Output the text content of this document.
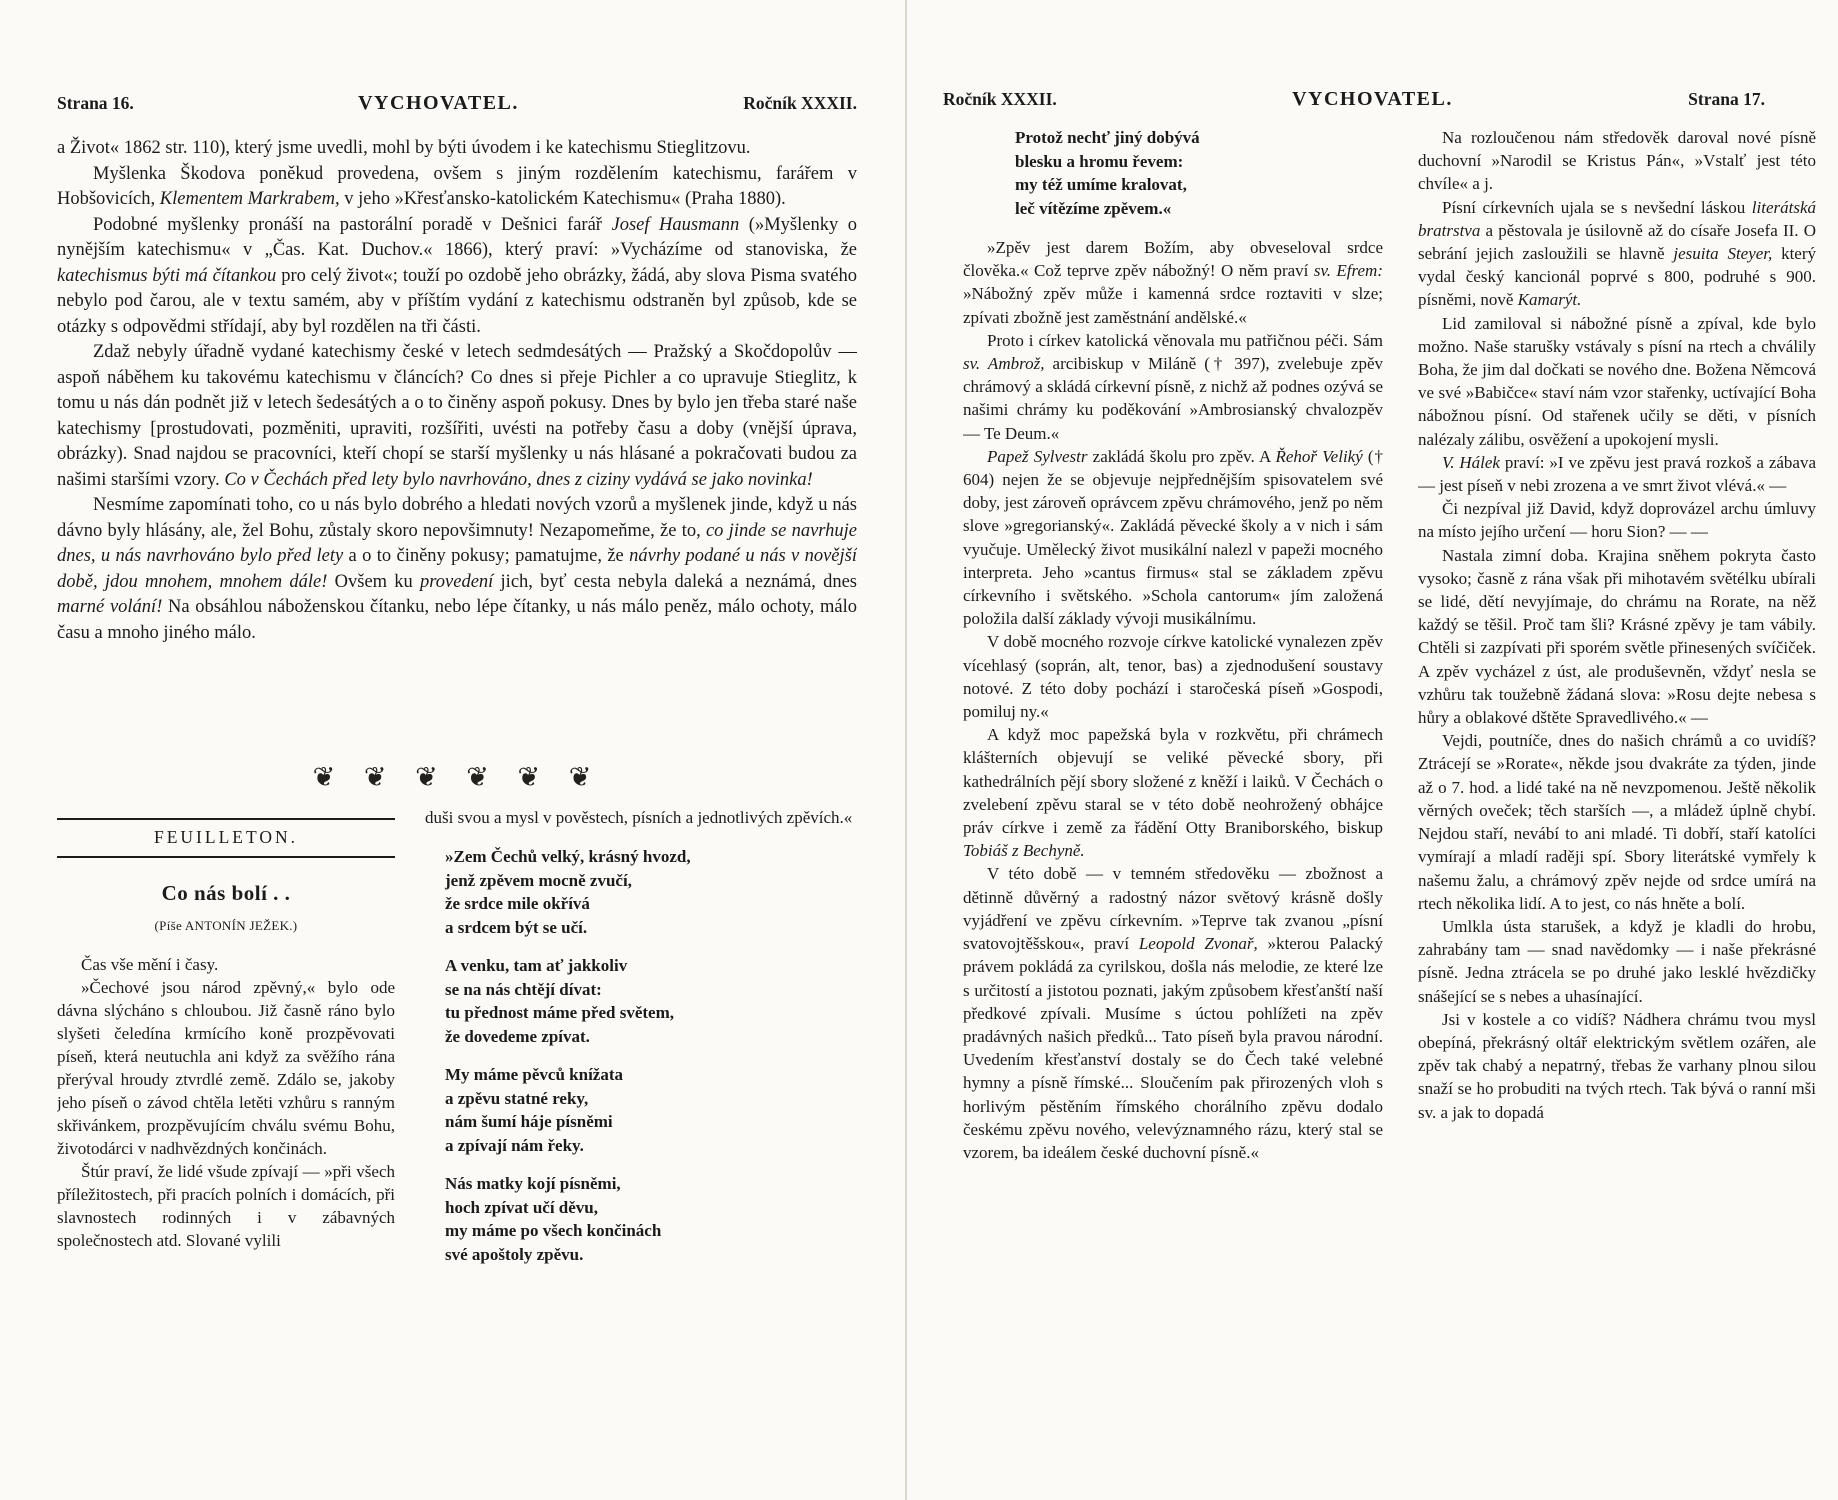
Strana 16.	VYCHOVATEL.	Ročník XXXII.

a Život« 1862 str. 110), který jsme uvedli, mohl by býti úvodem i ke katechismu Stieglitzovu.

Myšlenka Škodova poněkud provedena, ovšem s jiným rozdělením katechismu, farářem v Hobšovicích, Klementem Markrabem, v jeho »Křesťansko-katolickém Katechismu« (Praha 1880).

Podobné myšlenky pronáší na pastorální poradě v Dešnici farář Josef Hausmann (»Myšlenky o nynějším katechismu« v „Čas. Kat. Duchov.« 1866), který praví: »Vycházíme od stanoviska, že katechismus býti má čítankou pro celý život«; touží po ozdobě jeho obrázky, žádá, aby slova Pisma svatého nebylo pod čarou, ale v textu samém, aby v příštím vydání z katechismu odstraněn byl způsob, kde se otázky s odpovědmi střídají, aby byl rozdělen na tři části.

Zdaž nebyly úřadně vydané katechismy české v letech sedmdesátých — Pražský a Skočdopolův — aspoň náběhem ku takovému katechismu v článcích? Co dnes si přeje Pichler a co upravuje Stieglitz, k tomu u nás dán podnět již v letech šedesátých a o to činěny aspoň pokusy. Dnes by bylo jen třeba staré naše katechismy [prostudovati, pozměniti, upraviti, rozšířiti, uvésti na potřeby času a doby (vnější úprava, obrázky). Snad najdou se pracovníci, kteří chopí se starší myšlenky u nás hlásané a pokračovati budou za našimi staršími vzory. Co v Čechách před lety bylo navrhováno, dnes z ciziny vydává se jako novinka!

Nesmíme zapomínati toho, co u nás bylo dobrého a hledati nových vzorů a myšlenek jinde, když u nás dávno byly hlásány, ale, žel Bohu, zůstaly skoro nepovšimnuty! Nezapomeňme, že to, co jinde se navrhuje dnes, u nás navrhováno bylo před lety a o to činěny pokusy; pamatujme, že návrhy podané u nás v novější době, jdou mnohem, mnohem dále! Ovšem ku provedení jich, byť cesta nebyla daleká a neznámá, dnes marné volání! Na obsáhlou náboženskou čítanku, nebo lépe čítanky, u nás málo peněz, málo ochoty, málo času a mnoho jiného málo.

❦ ❦ ❦ ❦ ❦ ❦
FEUILLETON.
Co nás bolí . .
(Píše ANTONÍN JEŽEK.)

Čas vše mění i časy.

»Čechové jsou národ zpěvný,« bylo ode dávna slýcháno s chloubou. Již časně ráno bylo slyšeti čeledína krmícího koně prozpěvovati píseň, která neutuchla ani když za svěžího rána přerýval hroudy ztvrdlé země. Zdálo se, jakoby jeho píseň o závod chtěla letěti vzhůru s ranným skřivánkem, prozpěvujícím chválu svému Bohu, životodárci v nadhvězdných končinách.

Štúr praví, že lidé všude zpívají — »při všech příležitostech, při pracích polních i domácích, při slavnostech rodinných i v zábavných společnostech atd. Slované vylili

duši svou a mysl v pověstech, písních a jednotlivých zpěvích.«

»Zem Čechů velký, krásný hvozd,
jenž zpěvem mocně zvučí,
že srdce mile okřívá
a srdcem být se učí.
A venku, tam ať jakkoliv
se na nás chtějí dívat:
tu přednost máme před světem,
že dovedeme zpívat.
My máme pěvců knížata
a zpěvu statné reky,
nám šumí háje písněmi
a zpívají nám řeky.
Nás matky kojí písněmi,
hoch zpívat učí děvu,
my máme po všech končinách
své apoštoly zpěvu.
Ročník XXXII.	VYCHOVATEL.	Strana 17.
Protož nechť jiný dobývá
blesku a hromu řevem:
my též umíme kralovat,
leč vítězíme zpěvem.«

»Zpěv jest darem Božím, aby obveseloval srdce člověka.« Což teprve zpěv nábožný! O něm praví sv. Efrem: »Nábožný zpěv může i kamenná srdce roztaviti v slze; zpívati zbožně jest zaměstnání andělské.«

Proto i církev katolická věnovala mu patřičnou péči. Sám sv. Ambrož, arcibiskup v Miláně († 397), zvelebuje zpěv chrámový a skládá církevní písně, z nichž až podnes ozývá se našimi chrámy ku poděkování »Ambrosianský chvalozpěv — Te Deum.«

Papež Sylvestr zakládá školu pro zpěv. A Řehoř Veliký († 604) nejen že se objevuje nejpřednějším spisovatelem své doby, jest zároveň oprávcem zpěvu chrámového, jenž po něm slove »gregorianský«. Zakládá pěvecké školy a v nich i sám vyučuje. Umělecký život musikální nalezl v papeži mocného interpreta. Jeho »cantus firmus« stal se základem zpěvu církevního i světského. »Schola cantorum« jím založená položila další základy vývoji musikálnímu.

V době mocného rozvoje církve katolické vynalezen zpěv vícehlasý (soprán, alt, tenor, bas) a zjednodušení soustavy notové. Z této doby pochází i staročeská píseň »Gospodi, pomiluj ny.«

A když moc papežská byla v rozkvětu, při chrámech klášterních objevují se veliké pěvecké sbory, při kathedrálních pějí sbory složené z kněží i laiků. V Čechách o zvelebení zpěvu staral se v této době neohrožený obhájce práv církve i země za řádění Otty Braniborského, biskup Tobiáš z Bechyně.

V této době — v temném středověku — zbožnost a dětinně důvěrný a radostný názor světový krásně došly vyjádření ve zpěvu církevním. »Teprve tak zvanou „písní svatovojtěšskou«, praví Leopold Zvonař, »kterou Palacký právem pokládá za cyrilskou, došla nás melodie, ze které lze s určitostí a jistotou poznati, jakým způsobem křesťanští naší předkové zpívali. Musíme s úctou pohlížeti na zpěv pradávných našich předků... Tato píseň byla pravou národní. Uvedením křesťanství dostaly se do Čech také velebné hymny a písně římské... Sloučením pak přirozených vloh s horlivým pěstěním římského chorálního zpěvu dodalo českému zpěvu nového, velevýznamného rázu, který stal se vzorem, ba ideálem české duchovní písně.«

Na rozloučenou nám středověk daroval nové písně duchovní »Narodil se Kristus Pán«, »Vstalť jest této chvíle« a j.

Písní církevních ujala se s nevšední láskou literátská bratrstva a pěstovala je úsilovně až do císaře Josefa II. O sebrání jejich zasloužili se hlavně jesuita Steyer, který vydal český kancionál poprvé s 800, podruhé s 900. písněmi, nově Kamarýt.

Lid zamiloval si nábožné písně a zpíval, kde bylo možno. Naše starušky vstávaly s písní na rtech a chválily Boha, že jim dal dočkati se nového dne. Božena Němcová ve své »Babičce« staví nám vzor stařenky, uctívající Boha nábožnou písní. Od stařenek učily se děti, v písních nalézaly zálibu, osvěžení a upokojení mysli.

V. Hálek praví: »I ve zpěvu jest pravá rozkoš a zábava — jest píseň v nebi zrozena a ve smrt život vlévá.« —

Či nezpíval již David, když doprovázel archu úmluvy na místo jejího určení — horu Sion? — —

Nastala zimní doba. Krajina sněhem pokryta často vysoko; časně z rána však při mihotavém světélku ubírali se lidé, dětí nevyjímaje, do chrámu na Rorate, na něž každý se těšil. Proč tam šli? Krásné zpěvy je tam vábily. Chtěli si zazpívati při sporém světle přinesených svíčiček. A zpěv vycházel z úst, ale produševněn, vždyť nesla se vzhůru tak toužebně žádaná slova: »Rosu dejte nebesa s hůry a oblakové dštěte Spravedlivého.« —

Vejdi, poutníče, dnes do našich chrámů a co uvidíš? Ztrácejí se »Rorate«, někde jsou dvakráte za týden, jinde až o 7. hod. a lidé také na ně nevzpomenou. Ještě několik věrných oveček; těch starších —, a mládež úplně chybí. Nejdou staří, nevábí to ani mladé. Ti dobří, staří katolíci vymírají a mladí raději spí. Sbory literátské vymřely k našemu žalu, a chrámový zpěv nejde od srdce umírá na rtech několika lidí. A to jest, co nás hněte a bolí.

Umlkla ústa starušek, a když je kladli do hrobu, zahrabány tam — snad navědomky — i naše překrásné písně. Jedna ztrácela se po druhé jako lesklé hvězdičky snášející se s nebes a uhasínající.

Jsi v kostele a co vidíš? Nádhera chrámu tvou mysl obepíná, překrásný oltář elektrickým světlem ozářen, ale zpěv tak chabý a nepatrný, třebas že varhany plnou silou snaží se ho probuditi na tvých rtech. Tak bývá o ranní mši sv. a jak to dopadá
